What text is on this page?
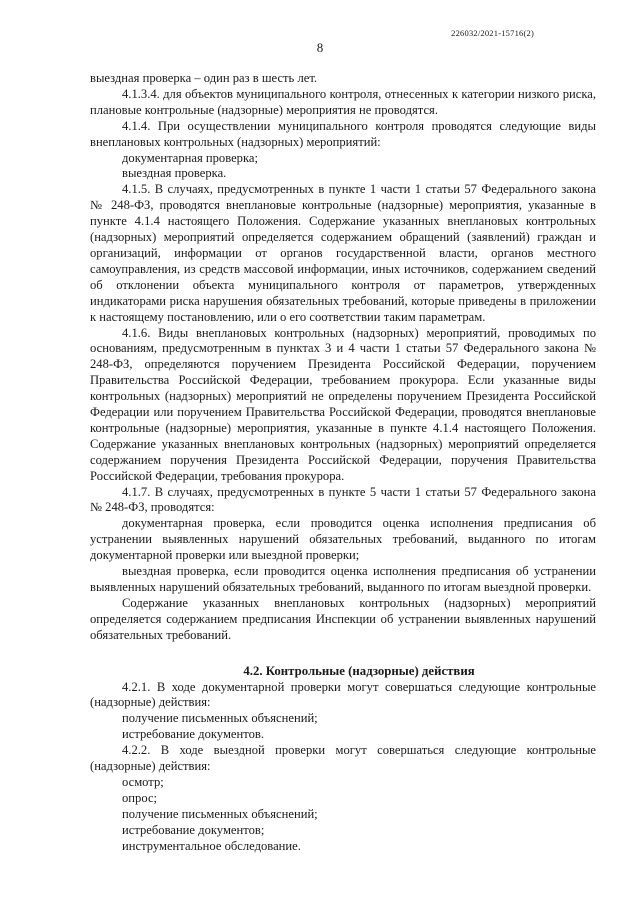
226032/2021-15716(2)
8

выездная проверка – один раз в шесть лет.

4.1.3.4. для объектов муниципального контроля, отнесенных к категории низкого риска, плановые контрольные (надзорные) мероприятия не проводятся.

4.1.4. При осуществлении муниципального контроля проводятся следующие виды внеплановых контрольных (надзорных) мероприятий:

документарная проверка;

выездная проверка.

4.1.5. В случаях, предусмотренных в пункте 1 части 1 статьи 57 Федерального закона № 248-ФЗ, проводятся внеплановые контрольные (надзорные) мероприятия, указанные в пункте 4.1.4 настоящего Положения. Содержание указанных внеплановых контрольных (надзорных) мероприятий определяется содержанием обращений (заявлений) граждан и организаций, информации от органов государственной власти, органов местного самоуправления, из средств массовой информации, иных источников, содержанием сведений об отклонении объекта муниципального контроля от параметров, утвержденных индикаторами риска нарушения обязательных требований, которые приведены в приложении к настоящему постановлению, или о его соответствии таким параметрам.

4.1.6. Виды внеплановых контрольных (надзорных) мероприятий, проводимых по основаниям, предусмотренным в пунктах 3 и 4 части 1 статьи 57 Федерального закона № 248-ФЗ, определяются поручением Президента Российской Федерации, поручением Правительства Российской Федерации, требованием прокурора. Если указанные виды контрольных (надзорных) мероприятий не определены поручением Президента Российской Федерации или поручением Правительства Российской Федерации, проводятся внеплановые контрольные (надзорные) мероприятия, указанные в пункте 4.1.4 настоящего Положения. Содержание указанных внеплановых контрольных (надзорных) мероприятий определяется содержанием поручения Президента Российской Федерации, поручения Правительства Российской Федерации, требования прокурора.

4.1.7. В случаях, предусмотренных в пункте 5 части 1 статьи 57 Федерального закона № 248-ФЗ, проводятся:

документарная проверка, если проводится оценка исполнения предписания об устранении выявленных нарушений обязательных требований, выданного по итогам документарной проверки или выездной проверки;

выездная проверка, если проводится оценка исполнения предписания об устранении выявленных нарушений обязательных требований, выданного по итогам выездной проверки.

Содержание указанных внеплановых контрольных (надзорных) мероприятий определяется содержанием предписания Инспекции об устранении выявленных нарушений обязательных требований.

4.2. Контрольные (надзорные) действия

4.2.1. В ходе документарной проверки могут совершаться следующие контрольные (надзорные) действия:

получение письменных объяснений;

истребование документов.

4.2.2. В ходе выездной проверки могут совершаться следующие контрольные (надзорные) действия:

осмотр;

опрос;

получение письменных объяснений;

истребование документов;

инструментальное обследование.
